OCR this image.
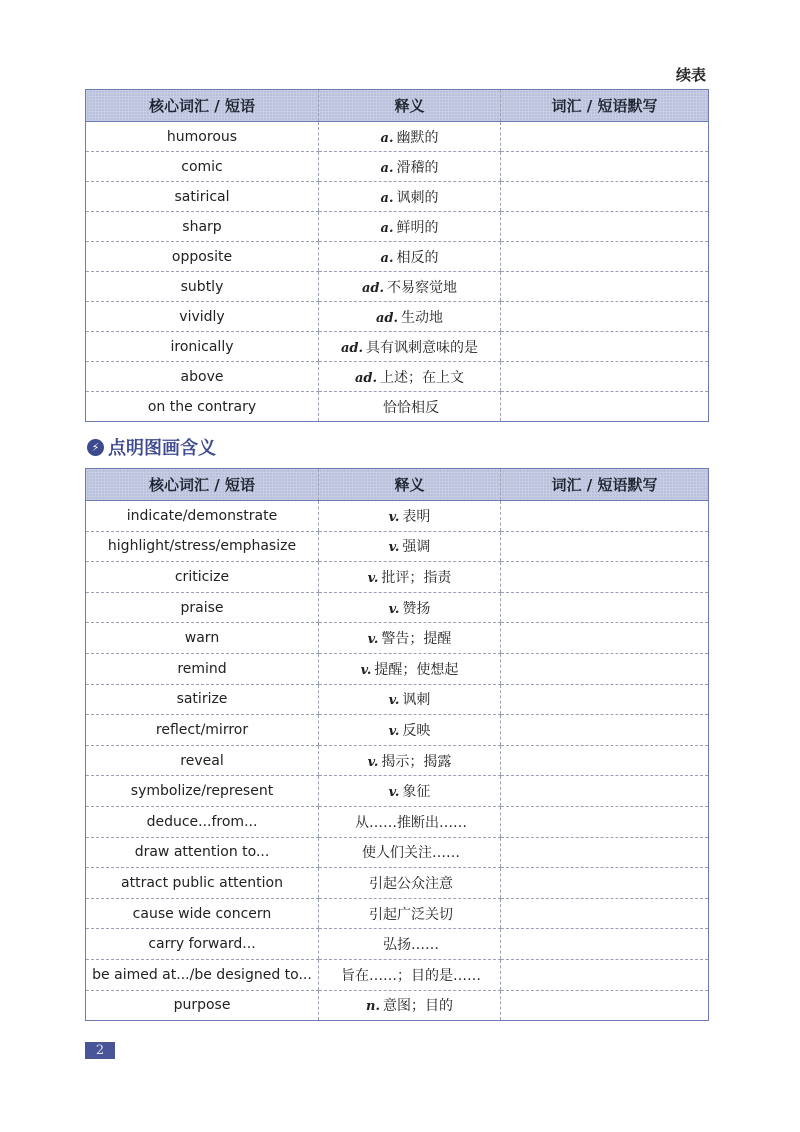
续表
核心词汇 / 短语	释义	词汇 / 短语默写
humorous	a. 幽默的	
comic	a. 滑稽的	
satirical	a. 讽刺的	
sharp	a. 鲜明的	
opposite	a. 相反的	
subtly	ad. 不易察觉地	
vividly	ad. 生动地	
ironically	ad. 具有讽刺意味的是	
above	ad. 上述；在上文	
on the contrary	恰恰相反	
⚡ 点明图画含义
核心词汇 / 短语	释义	词汇 / 短语默写
indicate/demonstrate	v. 表明	
highlight/stress/emphasize	v. 强调	
criticize	v. 批评；指责	
praise	v. 赞扬	
warn	v. 警告；提醒	
remind	v. 提醒；使想起	
satirize	v. 讽刺	
reflect/mirror	v. 反映	
reveal	v. 揭示；揭露	
symbolize/represent	v. 象征	
deduce...from...	从……推断出……	
draw attention to...	使人们关注……	
attract public attention	引起公众注意	
cause wide concern	引起广泛关切	
carry forward...	弘扬……	
be aimed at.../be designed to...	旨在……；目的是……	
purpose	n. 意图；目的	
2
